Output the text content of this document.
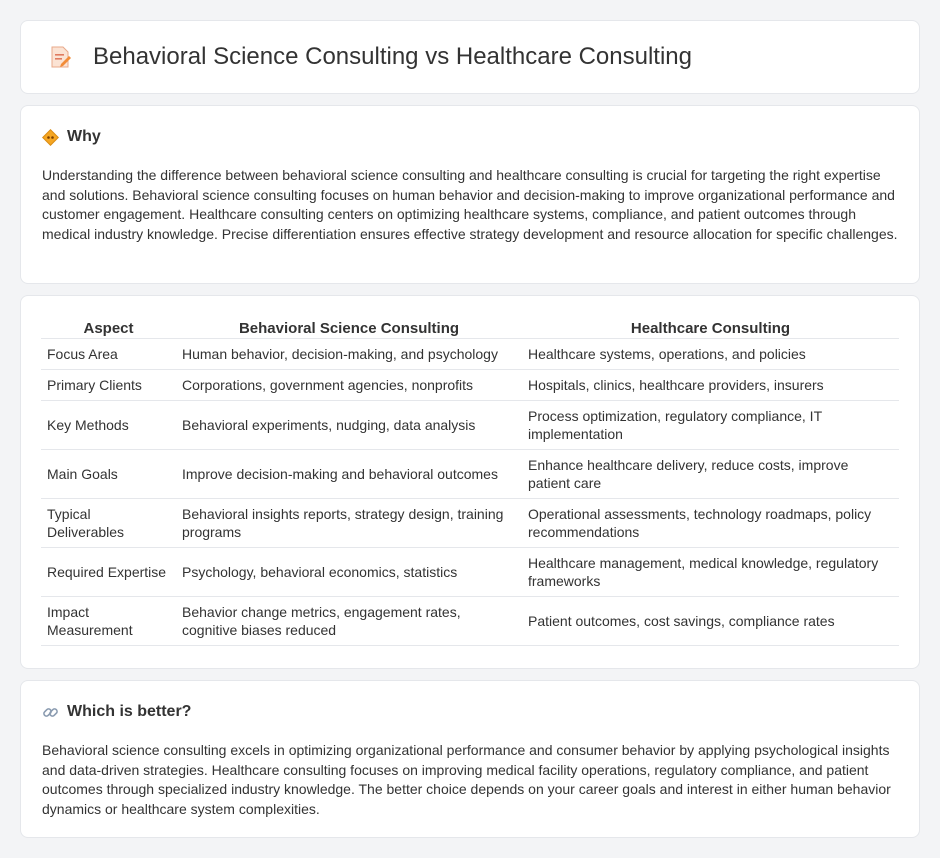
Behavioral Science Consulting vs Healthcare Consulting
Why

Understanding the difference between behavioral science consulting and healthcare consulting is crucial for targeting the right expertise and solutions. Behavioral science consulting focuses on human behavior and decision-making to improve organizational performance and customer engagement. Healthcare consulting centers on optimizing healthcare systems, compliance, and patient outcomes through medical industry knowledge. Precise differentiation ensures effective strategy development and resource allocation for specific challenges.

Aspect	Behavioral Science Consulting	Healthcare Consulting
Focus Area	Human behavior, decision-making, and psychology	Healthcare systems, operations, and policies
Primary Clients	Corporations, government agencies, nonprofits	Hospitals, clinics, healthcare providers, insurers
Key Methods	Behavioral experiments, nudging, data analysis	Process optimization, regulatory compliance, IT implementation
Main Goals	Improve decision-making and behavioral outcomes	Enhance healthcare delivery, reduce costs, improve patient care
Typical Deliverables	Behavioral insights reports, strategy design, training programs	Operational assessments, technology roadmaps, policy recommendations
Required Expertise	Psychology, behavioral economics, statistics	Healthcare management, medical knowledge, regulatory frameworks
Impact Measurement	Behavior change metrics, engagement rates, cognitive biases reduced	Patient outcomes, cost savings, compliance rates
Which is better?

Behavioral science consulting excels in optimizing organizational performance and consumer behavior by applying psychological insights and data-driven strategies. Healthcare consulting focuses on improving medical facility operations, regulatory compliance, and patient outcomes through specialized industry knowledge. The better choice depends on your career goals and interest in either human behavior dynamics or healthcare system complexities.
